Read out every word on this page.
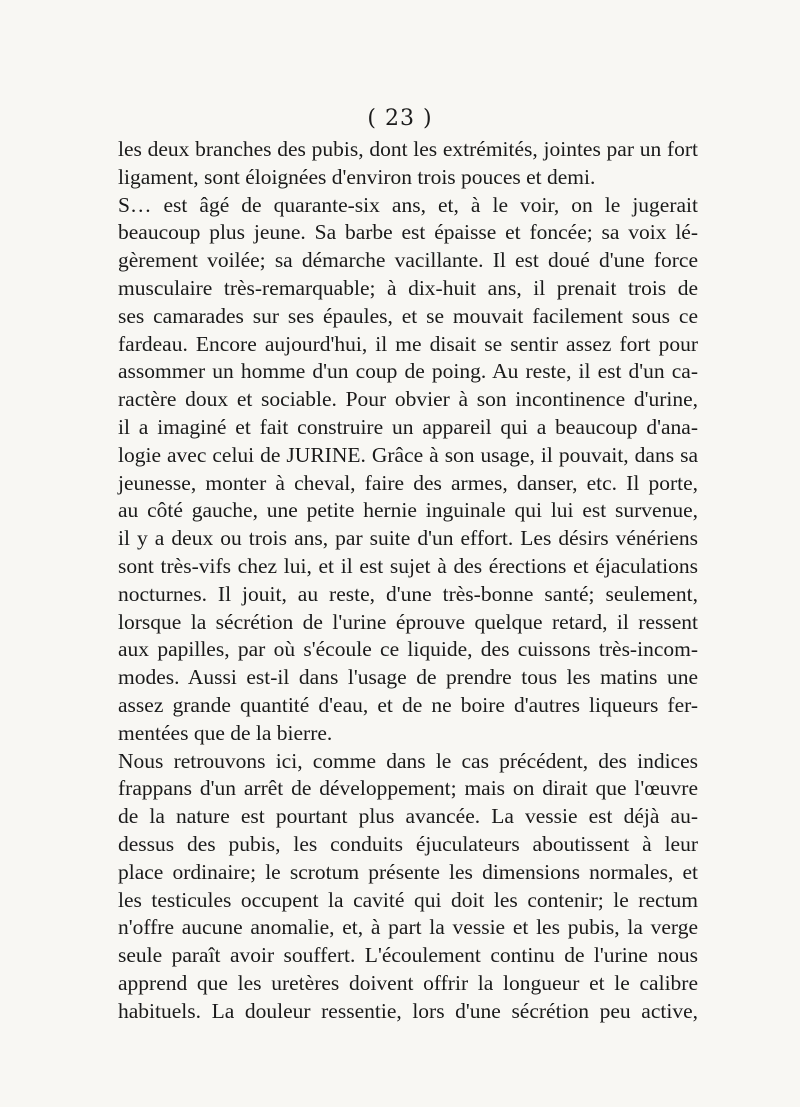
( 23 )
les deux branches des pubis, dont les extrémités, jointes par un fort
ligament, sont éloignées d'environ trois pouces et demi.
S… est âgé de quarante-six ans, et, à le voir, on le jugerait
beaucoup plus jeune. Sa barbe est épaisse et foncée; sa voix lé-
gèrement voilée; sa démarche vacillante. Il est doué d'une force
musculaire très-remarquable; à dix-huit ans, il prenait trois de
ses camarades sur ses épaules, et se mouvait facilement sous ce
fardeau. Encore aujourd'hui, il me disait se sentir assez fort pour
assommer un homme d'un coup de poing. Au reste, il est d'un ca-
ractère doux et sociable. Pour obvier à son incontinence d'urine,
il a imaginé et fait construire un appareil qui a beaucoup d'ana-
logie avec celui de JURINE. Grâce à son usage, il pouvait, dans sa
jeunesse, monter à cheval, faire des armes, danser, etc. Il porte,
au côté gauche, une petite hernie inguinale qui lui est survenue,
il y a deux ou trois ans, par suite d'un effort. Les désirs vénériens
sont très-vifs chez lui, et il est sujet à des érections et éjaculations
nocturnes. Il jouit, au reste, d'une très-bonne santé; seulement,
lorsque la sécrétion de l'urine éprouve quelque retard, il ressent
aux papilles, par où s'écoule ce liquide, des cuissons très-incom-
modes. Aussi est-il dans l'usage de prendre tous les matins une
assez grande quantité d'eau, et de ne boire d'autres liqueurs fer-
mentées que de la bierre.
Nous retrouvons ici, comme dans le cas précédent, des indices
frappans d'un arrêt de développement; mais on dirait que l'œuvre
de la nature est pourtant plus avancée. La vessie est déjà au-
dessus des pubis, les conduits éjuculateurs aboutissent à leur
place ordinaire; le scrotum présente les dimensions normales, et
les testicules occupent la cavité qui doit les contenir; le rectum
n'offre aucune anomalie, et, à part la vessie et les pubis, la verge
seule paraît avoir souffert. L'écoulement continu de l'urine nous
apprend que les uretères doivent offrir la longueur et le calibre
habituels. La douleur ressentie, lors d'une sécrétion peu active,
